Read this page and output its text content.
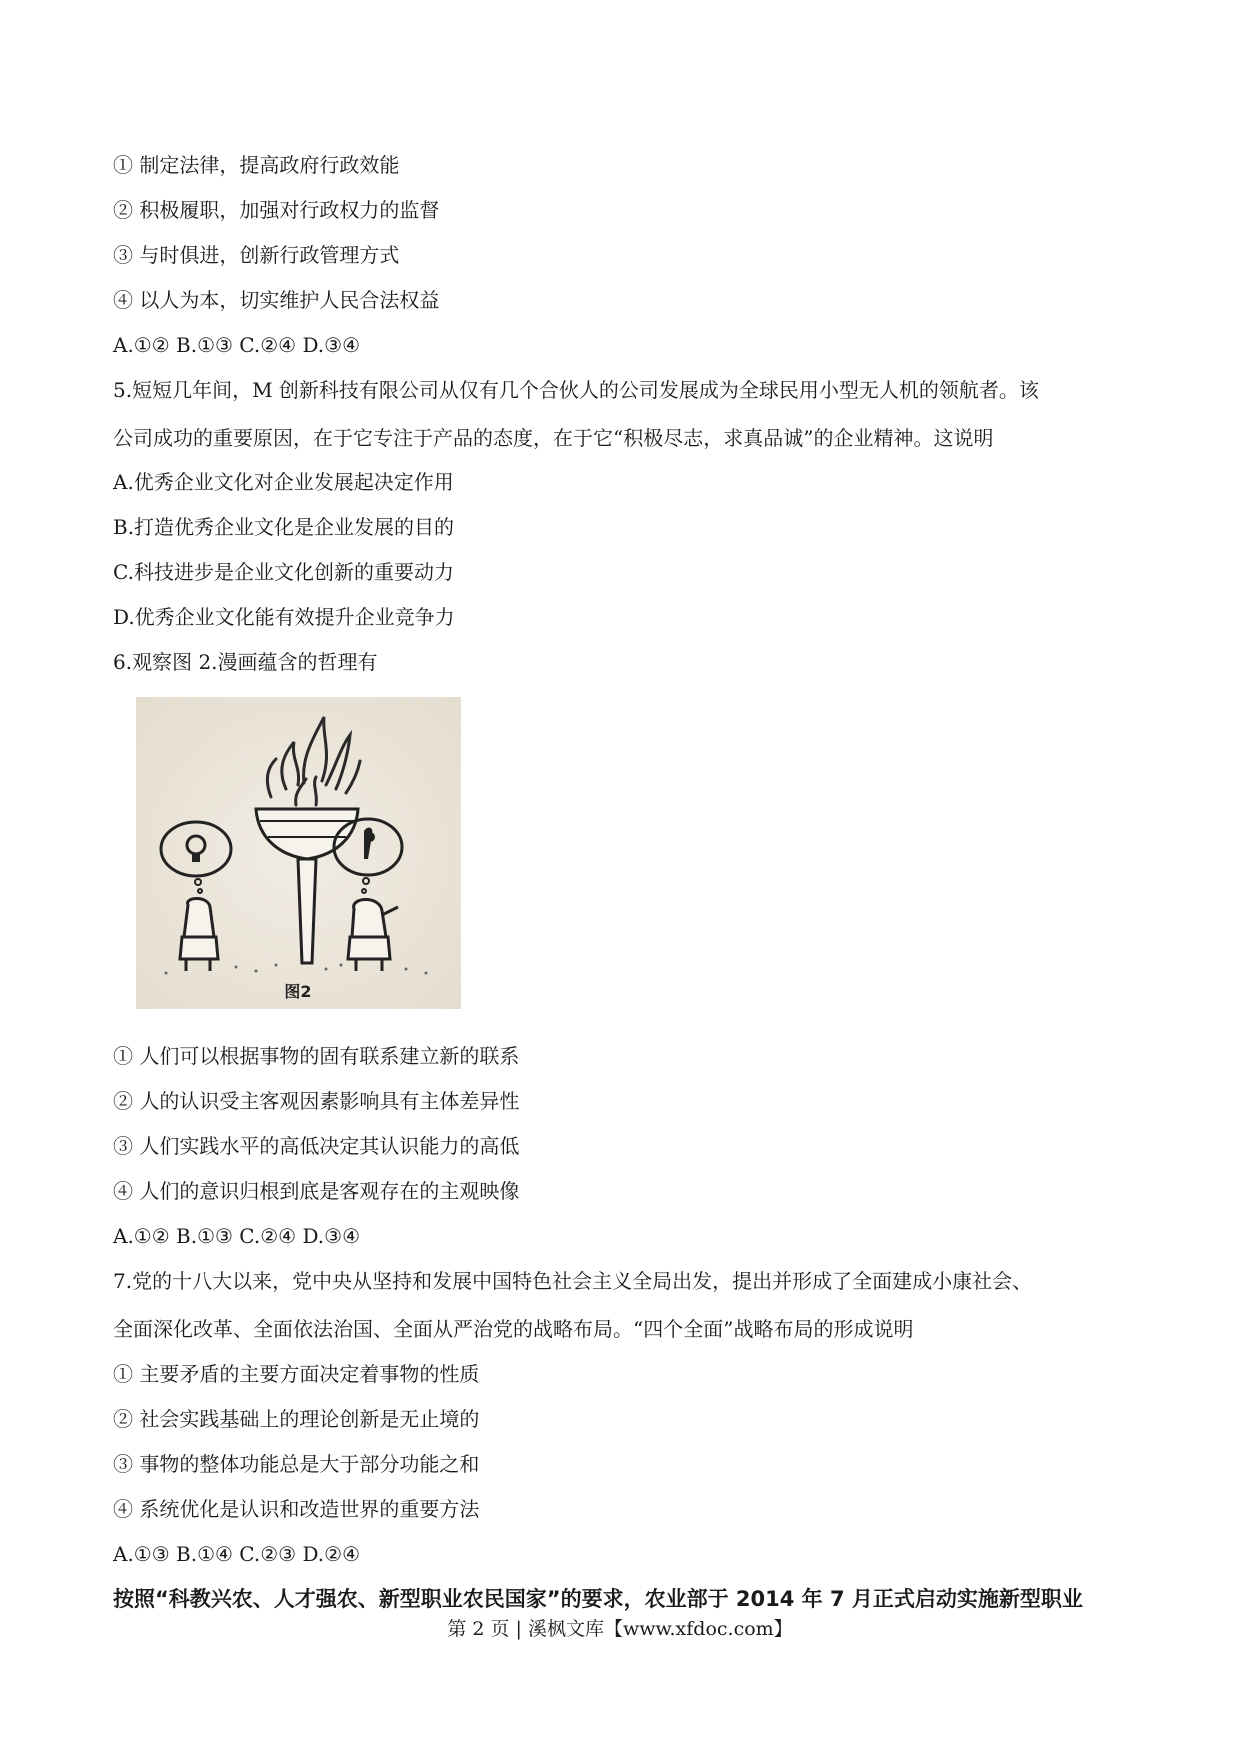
① 制定法律，提高政府行政效能
② 积极履职，加强对行政权力的监督
③ 与时俱进，创新行政管理方式
④ 以人为本，切实维护人民合法权益
A.①② B.①③ C.②④ D.③④
5.短短几年间，M 创新科技有限公司从仅有几个合伙人的公司发展成为全球民用小型无人机的领航者。该
公司成功的重要原因，在于它专注于产品的态度，在于它“积极尽志，求真品诚”的企业精神。这说明
A.优秀企业文化对企业发展起决定作用
B.打造优秀企业文化是企业发展的目的
C.科技进步是企业文化创新的重要动力
D.优秀企业文化能有效提升企业竞争力
6.观察图 2.漫画蕴含的哲理有
图2
① 人们可以根据事物的固有联系建立新的联系
② 人的认识受主客观因素影响具有主体差异性
③ 人们实践水平的高低决定其认识能力的高低
④ 人们的意识归根到底是客观存在的主观映像
A.①② B.①③ C.②④ D.③④
7.党的十八大以来，党中央从坚持和发展中国特色社会主义全局出发，提出并形成了全面建成小康社会、
全面深化改革、全面依法治国、全面从严治党的战略布局。“四个全面”战略布局的形成说明
① 主要矛盾的主要方面决定着事物的性质
② 社会实践基础上的理论创新是无止境的
③ 事物的整体功能总是大于部分功能之和
④ 系统优化是认识和改造世界的重要方法
A.①③ B.①④ C.②③ D.②④
按照“科教兴农、人才强农、新型职业农民国家”的要求，农业部于 2014 年 7 月正式启动实施新型职业
第 2 页 | 溪枫文库【www.xfdoc.com】
